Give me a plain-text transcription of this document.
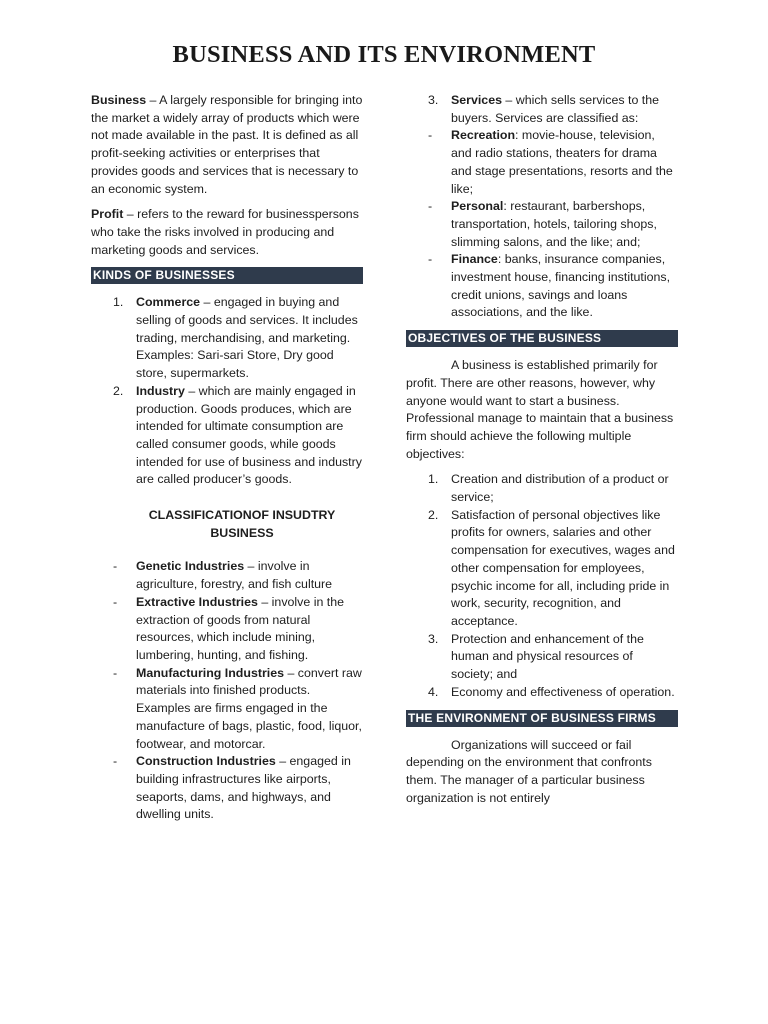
BUSINESS AND ITS ENVIRONMENT

Business – A largely responsible for bringing into the market a widely array of products which were not made available in the past. It is defined as all profit-seeking activities or enterprises that provides goods and services that is necessary to an economic system.

Profit – refers to the reward for businesspersons who take the risks involved in producing and marketing goods and services.

KINDS OF BUSINESSES
1. Commerce – engaged in buying and selling of goods and services. It includes trading, merchandising, and marketing.
Examples: Sari-sari Store, Dry good store, supermarkets.
2. Industry – which are mainly engaged in production. Goods produces, which are intended for ultimate consumption are called consumer goods, while goods intended for use of business and industry are called producer’s goods.
CLASSIFICATIONOF INSUDTRY BUSINESS
- Genetic Industries – involve in agriculture, forestry, and fish culture
- Extractive Industries – involve in the extraction of goods from natural resources, which include mining, lumbering, hunting, and fishing.
- Manufacturing Industries – convert raw materials into finished products. Examples are firms engaged in the manufacture of bags, plastic, food, liquor, footwear, and motorcar.
- Construction Industries – engaged in building infrastructures like airports, seaports, dams, and highways, and dwelling units.
3. Services – which sells services to the buyers. Services are classified as:
- Recreation: movie-house, television, and radio stations, theaters for drama and stage presentations, resorts and the like;
- Personal: restaurant, barbershops, transportation, hotels, tailoring shops, slimming salons, and the like; and;
- Finance: banks, insurance companies, investment house, financing institutions, credit unions, savings and loans associations, and the like.
OBJECTIVES OF THE BUSINESS

A business is established primarily for profit. There are other reasons, however, why anyone would want to start a business. Professional manage to maintain that a business firm should achieve the following multiple objectives:

1. Creation and distribution of a product or service;
2. Satisfaction of personal objectives like profits for owners, salaries and other compensation for executives, wages and other compensation for employees, psychic income for all, including pride in work, security, recognition, and acceptance.
3. Protection and enhancement of the human and physical resources of society; and
4. Economy and effectiveness of operation.
THE ENVIRONMENT OF BUSINESS FIRMS

Organizations will succeed or fail depending on the environment that confronts them. The manager of a particular business organization is not entirely
